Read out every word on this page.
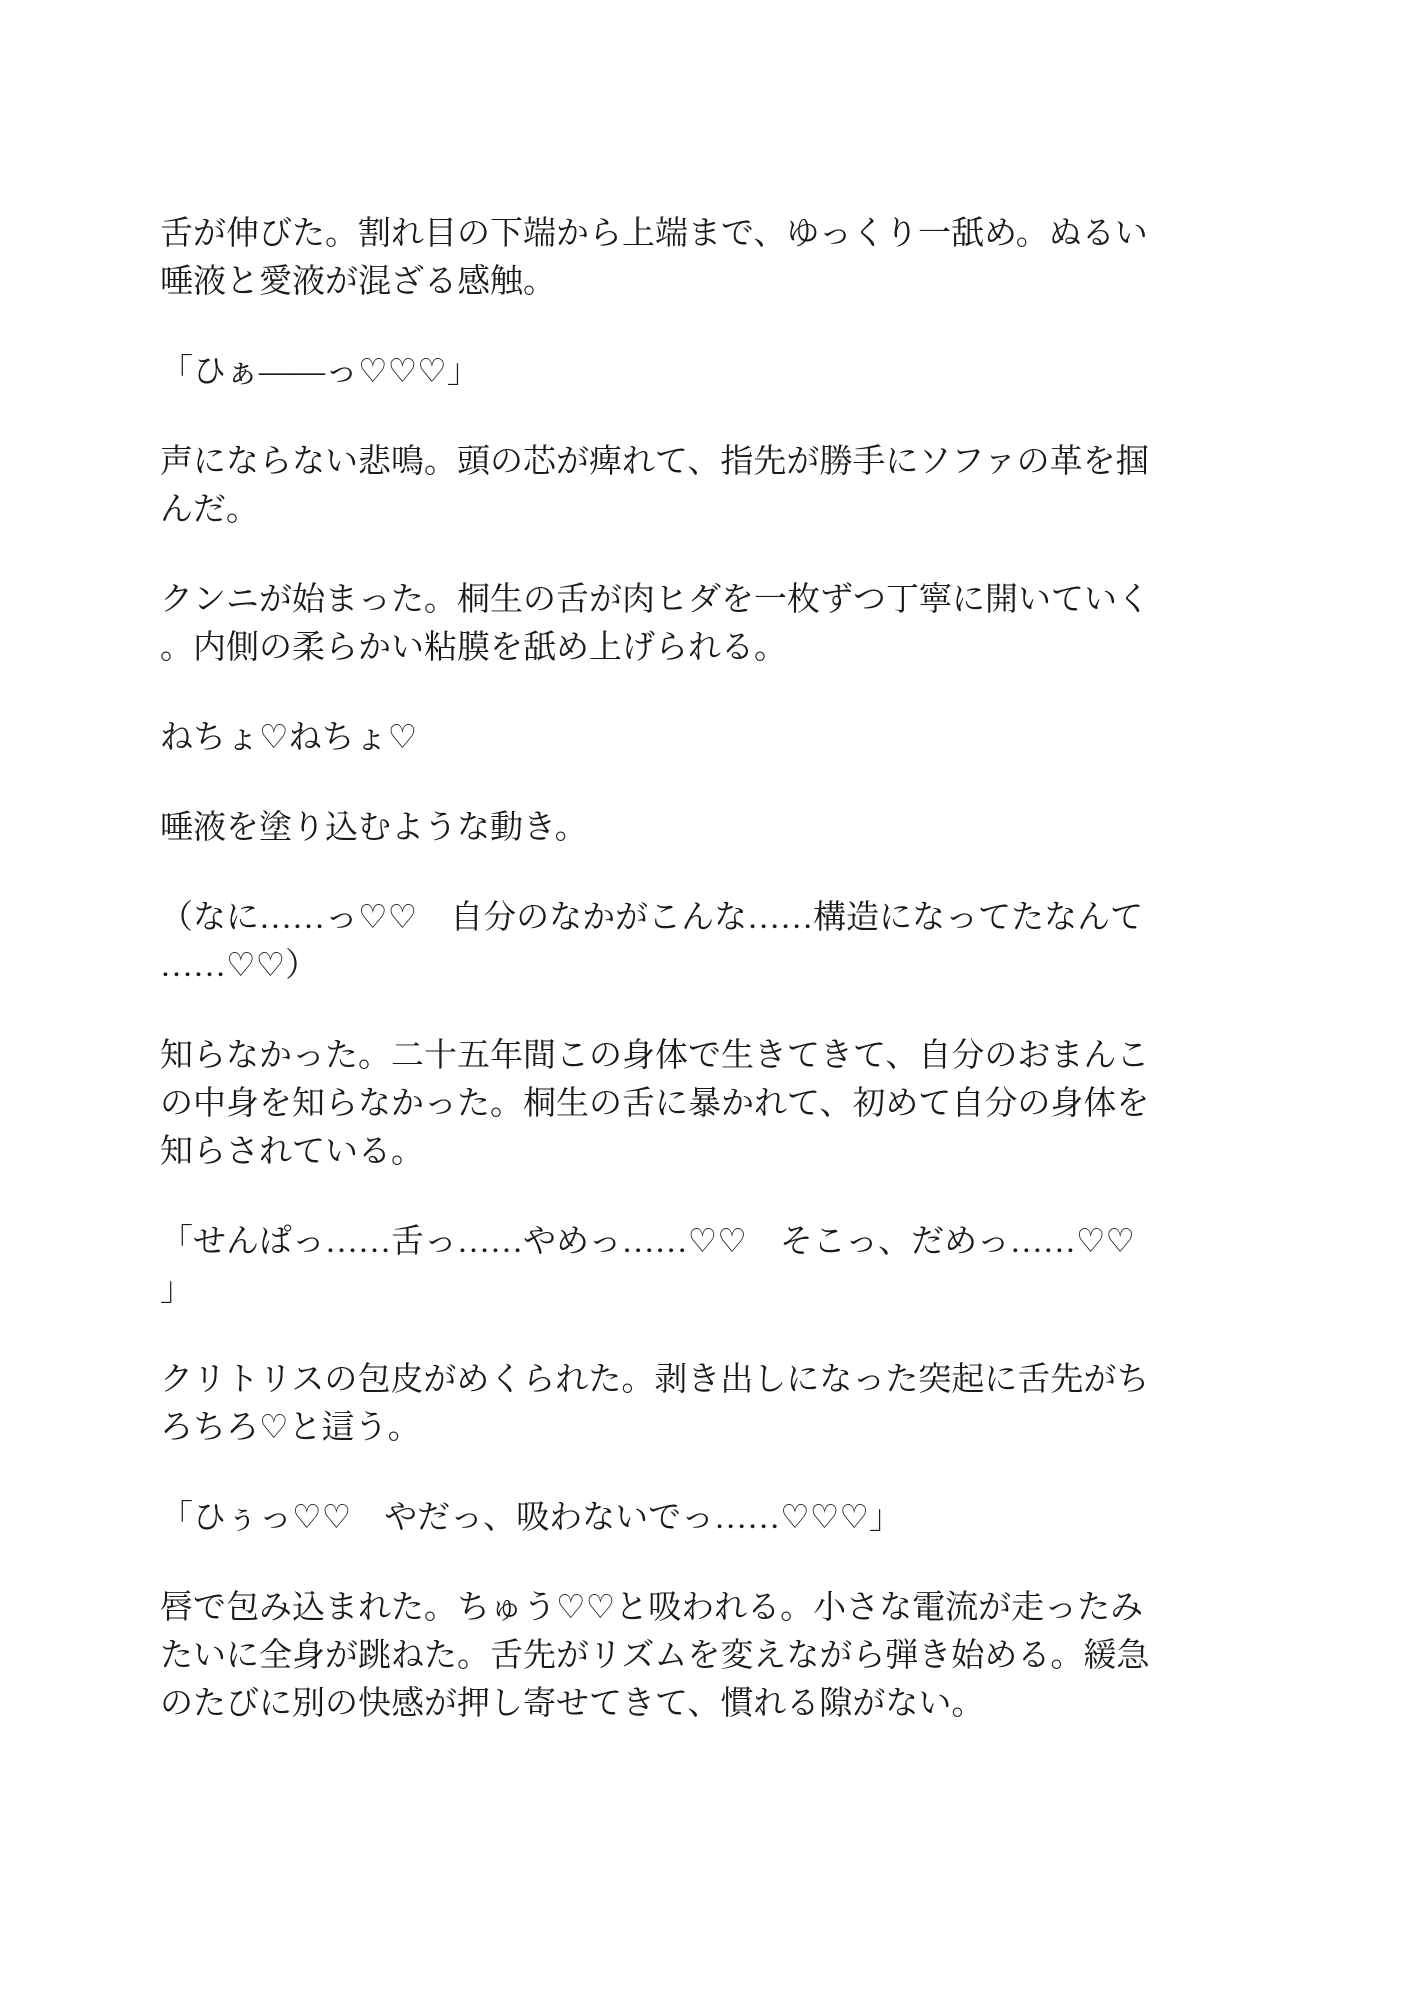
舌が伸びた。割れ目の下端から上端まで、ゆっくり一舐め。ぬるい
唾液と愛液が混ざる感触。
「ひぁ――っ♡♡♡」
声にならない悲鳴。頭の芯が痺れて、指先が勝手にソファの革を掴
んだ。
クンニが始まった。桐生の舌が肉ヒダを一枚ずつ丁寧に開いていく
。内側の柔らかい粘膜を舐め上げられる。
ねちょ♡ねちょ♡
唾液を塗り込むような動き。
（なに……っ♡♡　自分のなかがこんな……構造になってたなんて
……♡♡）
知らなかった。二十五年間この身体で生きてきて、自分のおまんこ
の中身を知らなかった。桐生の舌に暴かれて、初めて自分の身体を
知らされている。
「せんぱっ……舌っ……やめっ……♡♡　そこっ、だめっ……♡♡
」
クリトリスの包皮がめくられた。剥き出しになった突起に舌先がち
ろちろ♡と這う。
「ひぅっ♡♡　やだっ、吸わないでっ……♡♡♡」
唇で包み込まれた。ちゅう♡♡と吸われる。小さな電流が走ったみ
たいに全身が跳ねた。舌先がリズムを変えながら弾き始める。緩急
のたびに別の快感が押し寄せてきて、慣れる隙がない。
